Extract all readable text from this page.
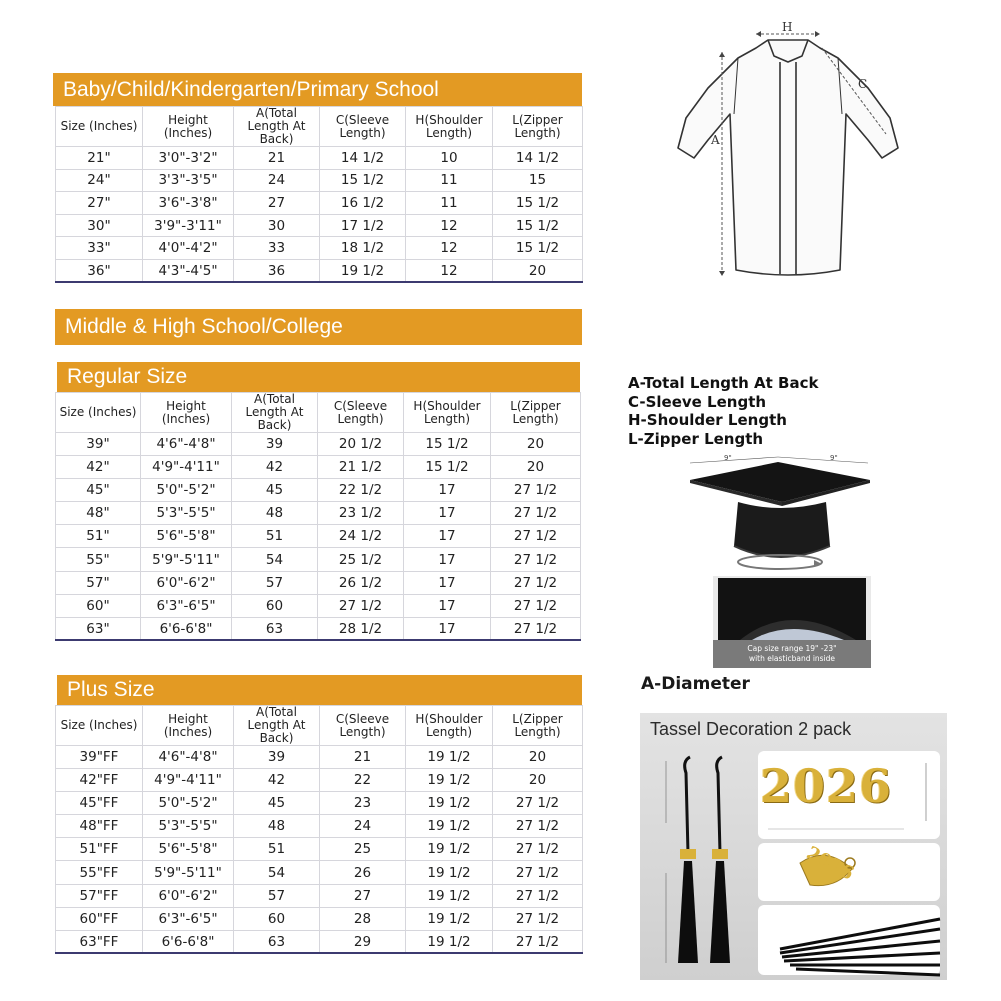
Baby/Child/Kindergarten/Primary School
Size (Inches)	Height (Inches)	A(Total Length At Back)	C(Sleeve Length)	H(Shoulder Length)	L(Zipper Length)
21"	3'0"-3'2"	21	14 1/2	10	14 1/2
24"	3'3"-3'5"	24	15 1/2	11	15
27"	3'6"-3'8"	27	16 1/2	11	15 1/2
30"	3'9"-3'11"	30	17 1/2	12	15 1/2
33"	4'0"-4'2"	33	18 1/2	12	15 1/2
36"	4'3"-4'5"	36	19 1/2	12	20
Middle & High School/College
Regular Size
Size (Inches)	Height (Inches)	A(Total Length At Back)	C(Sleeve Length)	H(Shoulder Length)	L(Zipper Length)
39"	4'6"-4'8"	39	20 1/2	15 1/2	20
42"	4'9"-4'11"	42	21 1/2	15 1/2	20
45"	5'0"-5'2"	45	22 1/2	17	27 1/2
48"	5'3"-5'5"	48	23 1/2	17	27 1/2
51"	5'6"-5'8"	51	24 1/2	17	27 1/2
55"	5'9"-5'11"	54	25 1/2	17	27 1/2
57"	6'0"-6'2"	57	26 1/2	17	27 1/2
60"	6'3"-6'5"	60	27 1/2	17	27 1/2
63"	6'6-6'8"	63	28 1/2	17	27 1/2
Plus Size
Size (Inches)	Height (Inches)	A(Total Length At Back)	C(Sleeve Length)	H(Shoulder Length)	L(Zipper Length)
39"FF	4'6"-4'8"	39	21	19 1/2	20
42"FF	4'9"-4'11"	42	22	19 1/2	20
45"FF	5'0"-5'2"	45	23	19 1/2	27 1/2
48"FF	5'3"-5'5"	48	24	19 1/2	27 1/2
51"FF	5'6"-5'8"	51	25	19 1/2	27 1/2
55"FF	5'9"-5'11"	54	26	19 1/2	27 1/2
57"FF	6'0"-6'2"	57	27	19 1/2	27 1/2
60"FF	6'3"-6'5"	60	28	19 1/2	27 1/2
63"FF	6'6-6'8"	63	29	19 1/2	27 1/2
H
A
C
A-Total Length At Back
C-Sleeve Length
H-Shoulder Length
L-Zipper Length
9"	9"
Cap size range 19" -23"
with elasticband inside
A-Diameter
Tassel Decoration 2 pack
2026
2026
